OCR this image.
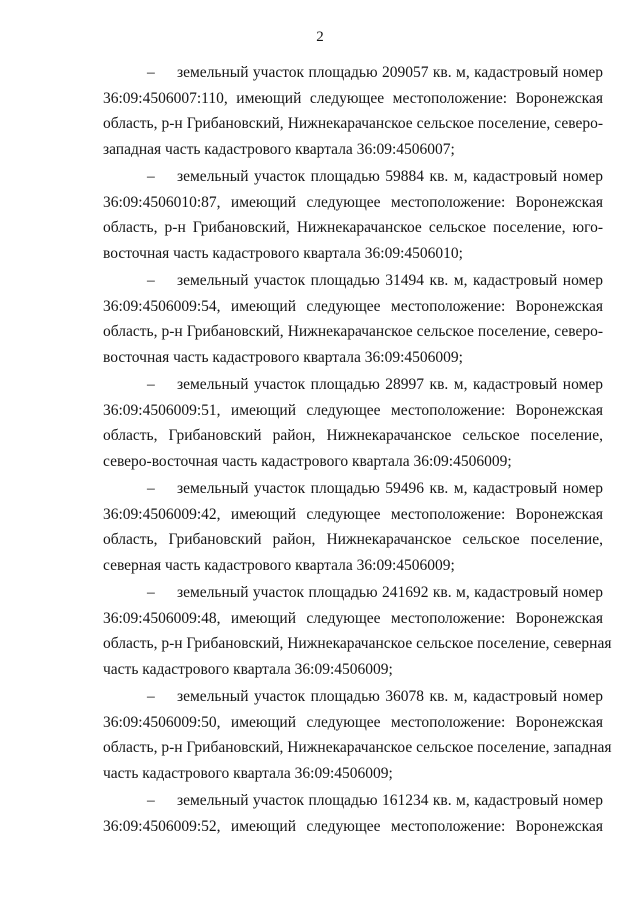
2
– земельный участок площадью 209057 кв. м, кадастровый номер
36:09:4506007:110, имеющий следующее местоположение: Воронежская
область, р-н Грибановский, Нижнекарачанское сельское поселение, северо-
западная часть кадастрового квартала 36:09:4506007;
– земельный участок площадью 59884 кв. м, кадастровый номер
36:09:4506010:87, имеющий следующее местоположение: Воронежская
область, р-н Грибановский, Нижнекарачанское сельское поселение, юго-
восточная часть кадастрового квартала 36:09:4506010;
– земельный участок площадью 31494 кв. м, кадастровый номер
36:09:4506009:54, имеющий следующее местоположение: Воронежская
область, р-н Грибановский, Нижнекарачанское сельское поселение, северо-
восточная часть кадастрового квартала 36:09:4506009;
– земельный участок площадью 28997 кв. м, кадастровый номер
36:09:4506009:51, имеющий следующее местоположение: Воронежская
область, Грибановский район, Нижнекарачанское сельское поселение,
северо-восточная часть кадастрового квартала 36:09:4506009;
– земельный участок площадью 59496 кв. м, кадастровый номер
36:09:4506009:42, имеющий следующее местоположение: Воронежская
область, Грибановский район, Нижнекарачанское сельское поселение,
северная часть кадастрового квартала 36:09:4506009;
– земельный участок площадью 241692 кв. м, кадастровый номер
36:09:4506009:48, имеющий следующее местоположение: Воронежская
область, р-н Грибановский, Нижнекарачанское сельское поселение, северная
часть кадастрового квартала 36:09:4506009;
– земельный участок площадью 36078 кв. м, кадастровый номер
36:09:4506009:50, имеющий следующее местоположение: Воронежская
область, р-н Грибановский, Нижнекарачанское сельское поселение, западная
часть кадастрового квартала 36:09:4506009;
– земельный участок площадью 161234 кв. м, кадастровый номер
36:09:4506009:52, имеющий следующее местоположение: Воронежская
